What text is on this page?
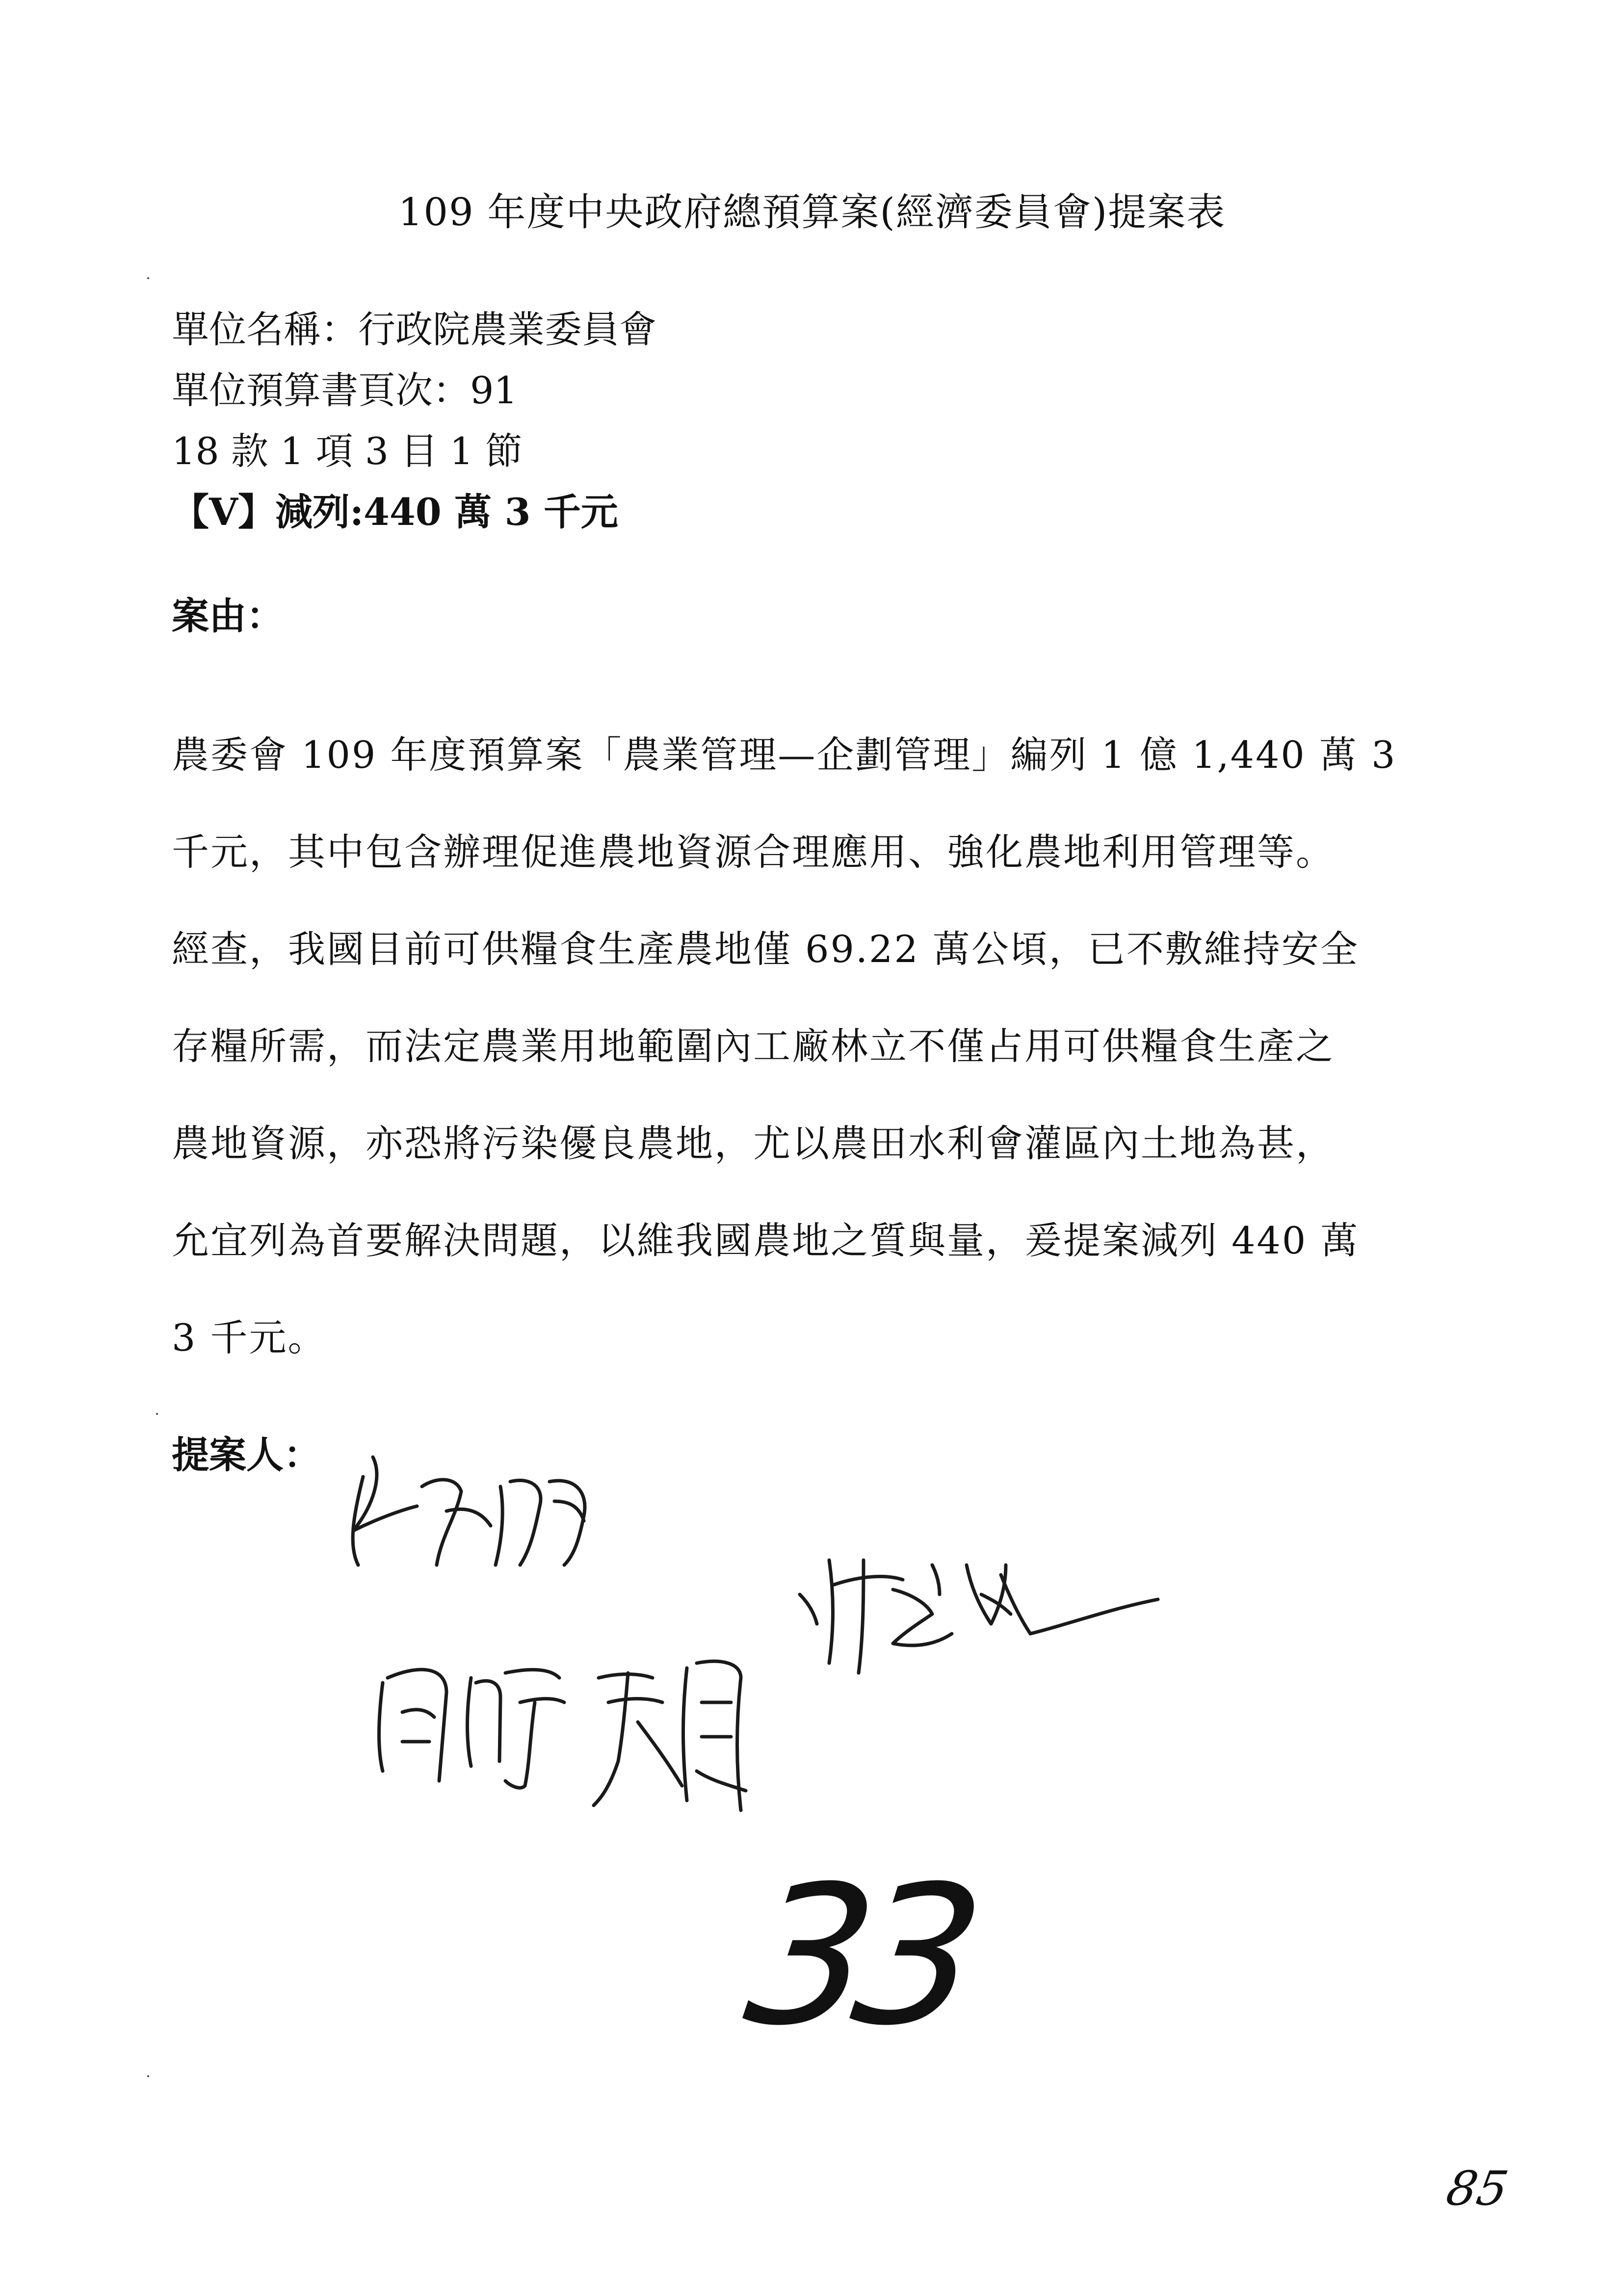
109 年度中央政府總預算案(經濟委員會)提案表
單位名稱：行政院農業委員會
單位預算書頁次：91
18 款 1 項 3 目 1 節
【V】減列:440 萬 3 千元
案由：
農委會 109 年度預算案「農業管理—企劃管理」編列 1 億 1,440 萬 3
千元，其中包含辦理促進農地資源合理應用、強化農地利用管理等。
經查，我國目前可供糧食生產農地僅 69.22 萬公頃，已不敷維持安全
存糧所需，而法定農業用地範圍內工廠林立不僅占用可供糧食生產之
農地資源，亦恐將污染優良農地，尤以農田水利會灌區內土地為甚，
允宜列為首要解決問題，以維我國農地之質與量，爰提案減列 440 萬
3 千元。
提案人：
33
85
